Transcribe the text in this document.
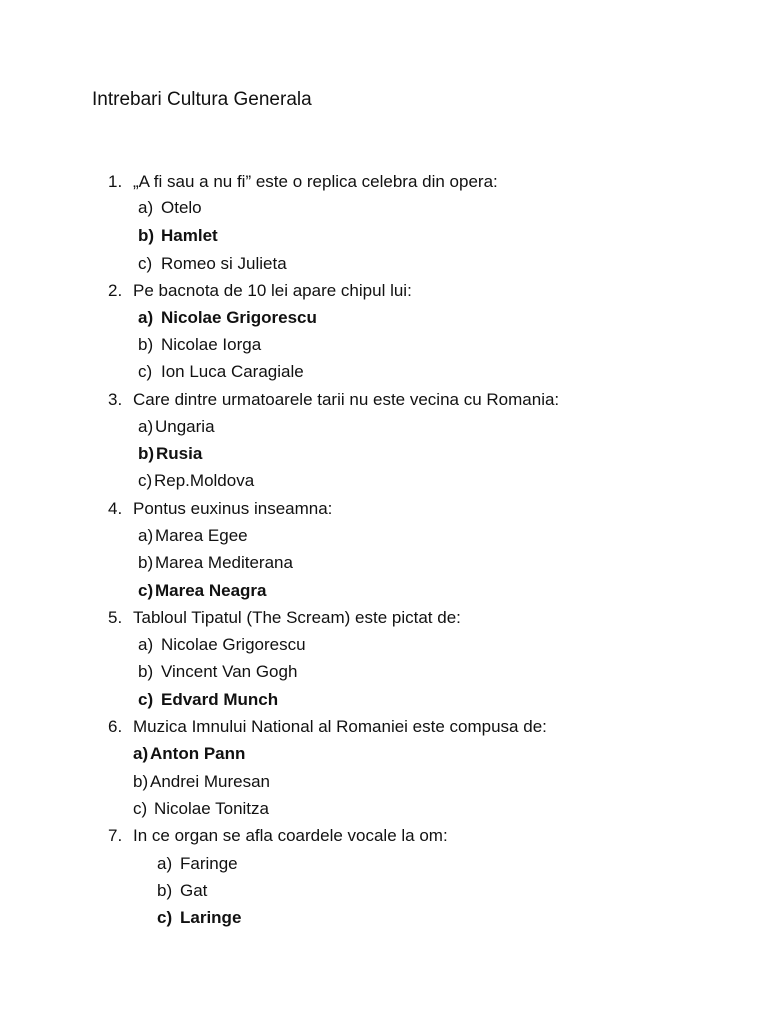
Intrebari Cultura Generala
1. „A fi sau a nu fi” este o replica celebra din opera:
a) Otelo
b) Hamlet
c) Romeo si Julieta
2. Pe bacnota de 10 lei apare chipul lui:
a) Nicolae Grigorescu
b) Nicolae Iorga
c) Ion Luca Caragiale
3. Care dintre urmatoarele tarii nu este vecina cu Romania:
a) Ungaria
b) Rusia
c) Rep.Moldova
4. Pontus euxinus inseamna:
a) Marea Egee
b) Marea Mediterana
c) Marea Neagra
5. Tabloul Tipatul (The Scream) este pictat de:
a) Nicolae Grigorescu
b) Vincent Van Gogh
c) Edvard Munch
6. Muzica Imnului National al Romaniei este compusa de:
a) Anton Pann
b) Andrei Muresan
c) Nicolae Tonitza
7. In ce organ se afla coardele vocale la om:
a) Faringe
b) Gat
c) Laringe
